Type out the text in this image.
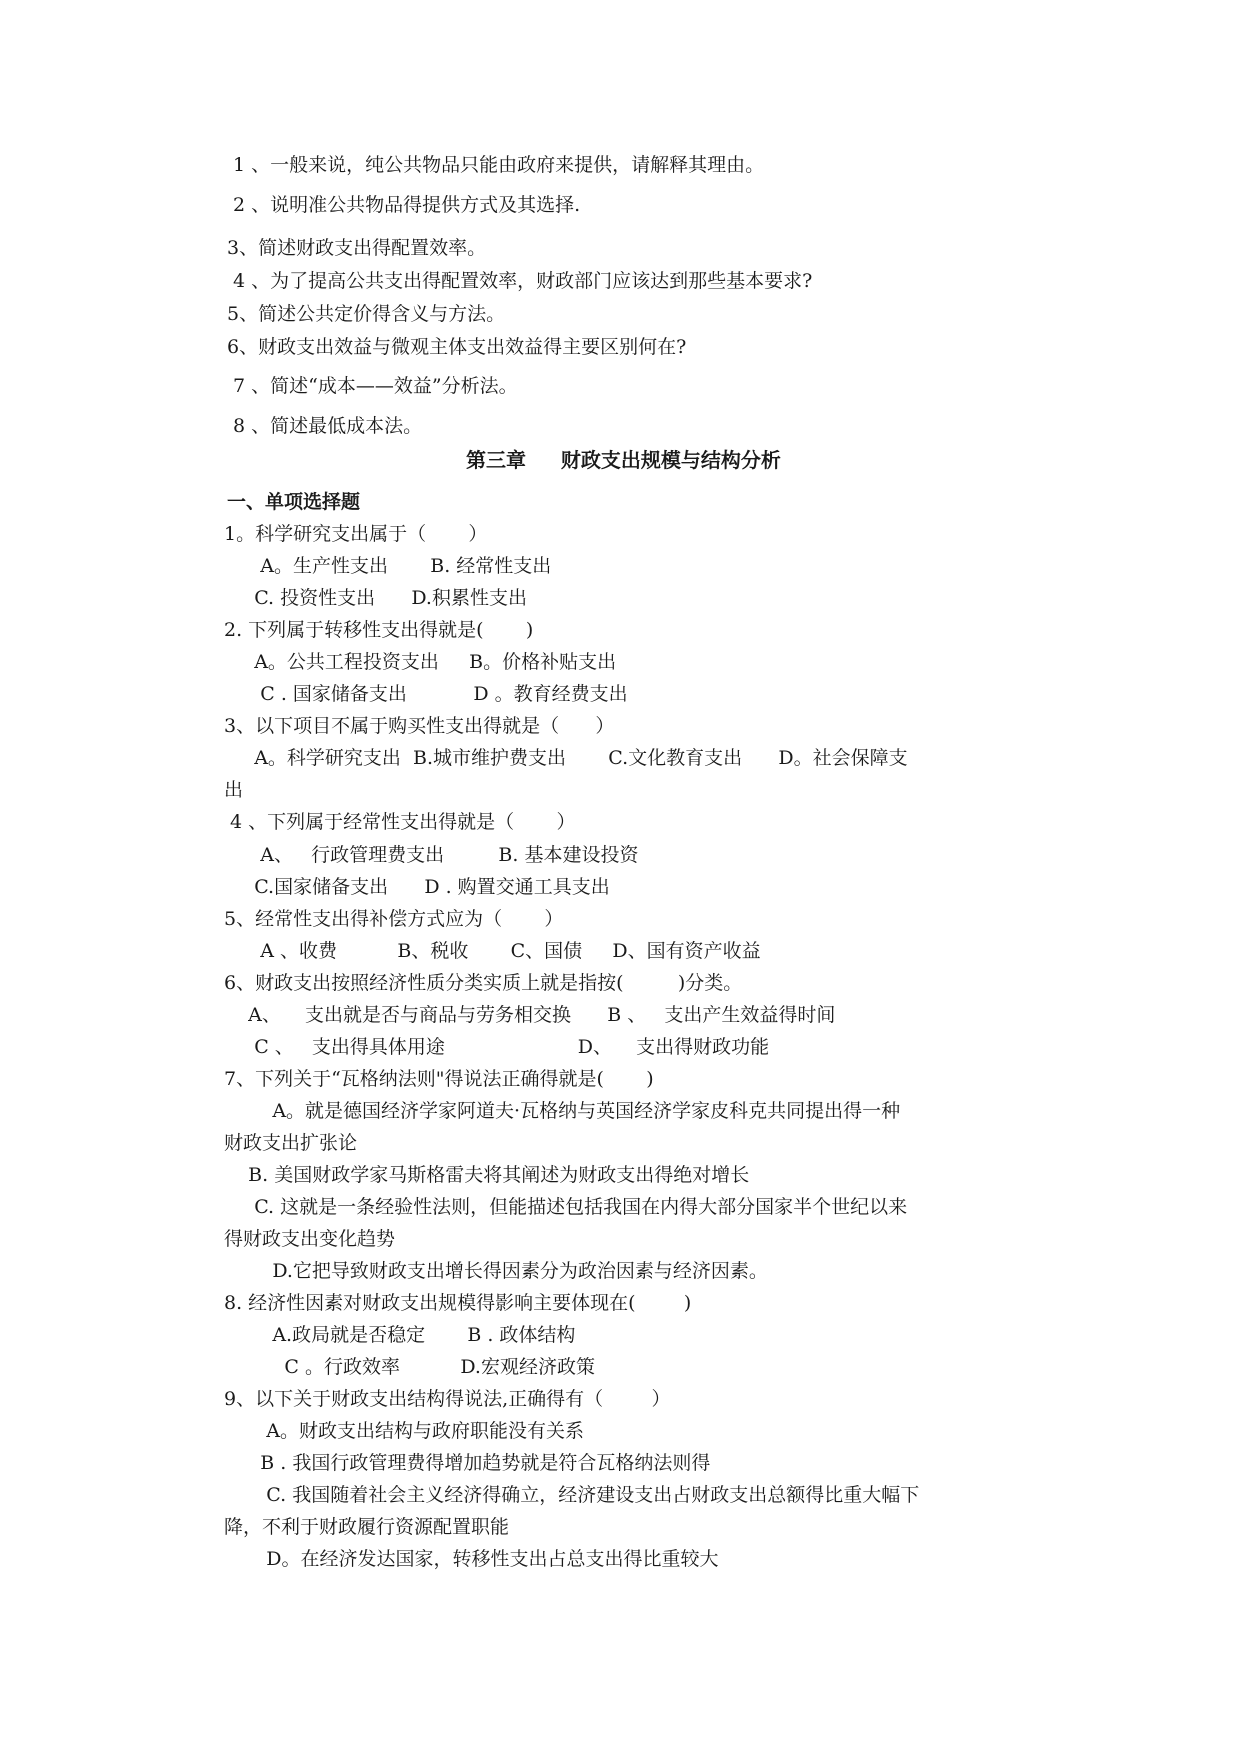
1 、一般来说，纯公共物品只能由政府来提供，请解释其理由。
2 、说明准公共物品得提供方式及其选择.
3、简述财政支出得配置效率。
4 、为了提高公共支出得配置效率，财政部门应该达到那些基本要求?
5、简述公共定价得含义与方法。
6、财政支出效益与微观主体支出效益得主要区别何在?
7 、简述“成本——效益”分析法。
8 、简述最低成本法。
第三章     财政支出规模与结构分析
一、单项选择题
1。科学研究支出属于（       ）
A。生产性支出       B. 经常性支出
C. 投资性支出      D.积累性支出
2. 下列属于转移性支出得就是(       )
A。公共工程投资支出     B。价格补贴支出
C . 国家储备支出           D 。教育经费支出
3、以下项目不属于购买性支出得就是（      ）
A。科学研究支出  B.城市维护费支出       C.文化教育支出      D。社会保障支
出
4 、下列属于经常性支出得就是（       ）
A、   行政管理费支出         B. 基本建设投资
C.国家储备支出      D . 购置交通工具支出
5、经常性支出得补偿方式应为（       ）
A 、收费          B、税收       C、国债     D、国有资产收益
6、财政支出按照经济性质分类实质上就是指按(         )分类。
A、    支出就是否与商品与劳务相交换      B 、   支出产生效益得时间
C 、   支出得具体用途                      D、    支出得财政功能
7、下列关于“瓦格纳法则"得说法正确得就是(       )
A。就是德国经济学家阿道夫·瓦格纳与英国经济学家皮科克共同提出得一种
财政支出扩张论
B. 美国财政学家马斯格雷夫将其阐述为财政支出得绝对增长
C. 这就是一条经验性法则，但能描述包括我国在内得大部分国家半个世纪以来
得财政支出变化趋势
D.它把导致财政支出增长得因素分为政治因素与经济因素。
8. 经济性因素对财政支出规模得影响主要体现在(        )
A.政局就是否稳定       B . 政体结构
C 。行政效率          D.宏观经济政策
9、以下关于财政支出结构得说法,正确得有（        ）
A。财政支出结构与政府职能没有关系
B . 我国行政管理费得增加趋势就是符合瓦格纳法则得
C. 我国随着社会主义经济得确立，经济建设支出占财政支出总额得比重大幅下
降，不利于财政履行资源配置职能
D。在经济发达国家，转移性支出占总支出得比重较大
